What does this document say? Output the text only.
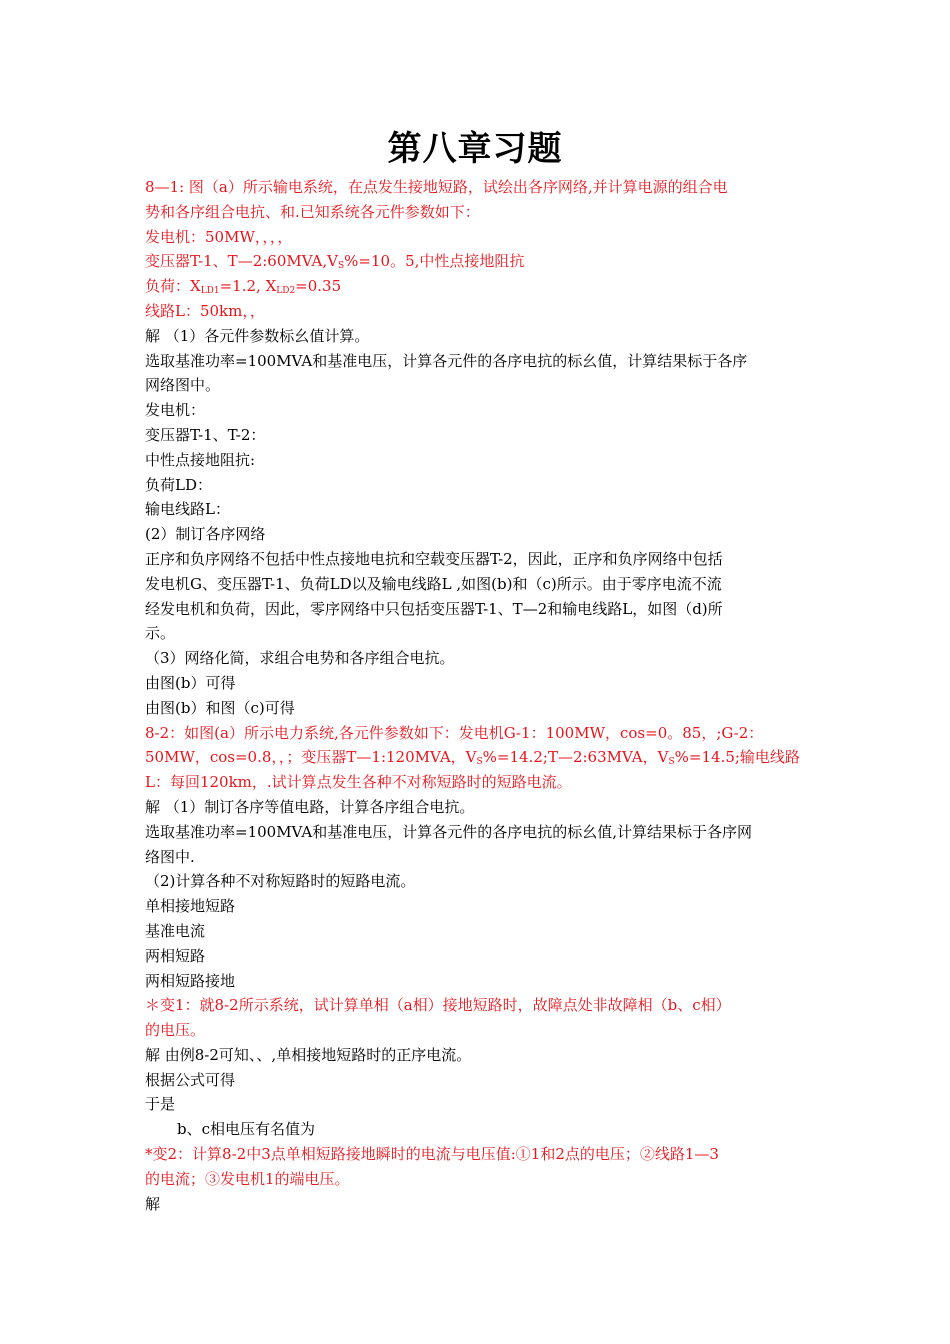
第八章习题
8—1: 图（a）所示输电系统，在点发生接地短路，试绘出各序网络,并计算电源的组合电
势和各序组合电抗、和.已知系统各元件参数如下：
发电机：50MW，，，，
变压器T-1、$T—2:60MVA,V_S\%=10$。5,中性点接地阻抗
负荷：$X_{LD1}=1.2$, $X_{LD2}=0.35$
线路L：50km，，
解 （1）各元件参数标幺值计算。
选取基准功率=100MVA和基准电压，计算各元件的各序电抗的标幺值，计算结果标于各序
网络图中。
发电机：
变压器T-1、T-2：
中性点接地阻抗:
负荷LD：
输电线路L：
(2）制订各序网络
正序和负序网络不包括中性点接地电抗和空载变压器T-2，因此，正序和负序网络中包括
发电机G、变压器T-1、负荷LD以及输电线路L ,如图(b)和（c)所示。由于零序电流不流
经发电机和负荷，因此，零序网络中只包括变压器T-1、T—2和输电线路L，如图（d)所
示。
（3）网络化简，求组合电势和各序组合电抗。
由图(b）可得
由图(b）和图（c)可得
8-2：如图(a）所示电力系统,各元件参数如下：发电机G-1：100MW，cos=0。85，;G-2：
50MW，cos=0.8，，；变压器T—1:120MVA，$V_S\%=14.2;T—2:63MVA$，$V_S\%=14.5$;输电线路
L：每回120km，.试计算点发生各种不对称短路时的短路电流。
解 （1）制订各序等值电路，计算各序组合电抗。
选取基准功率=100MVA和基准电压，计算各元件的各序电抗的标幺值,计算结果标于各序网
络图中.
（2)计算各种不对称短路时的短路电流。
单相接地短路
基准电流
两相短路
两相短路接地
＊变1：就8-2所示系统，试计算单相（a相）接地短路时，故障点处非故障相（b、c相）
的电压。
解 由例8-2可知、、,单相接地短路时的正序电流。
根据公式可得
于是
b、c相电压有名值为
*变2：计算8-2中3点单相短路接地瞬时的电流与电压值:①1和2点的电压；②线路1—3
的电流；③发电机1的端电压。
解
